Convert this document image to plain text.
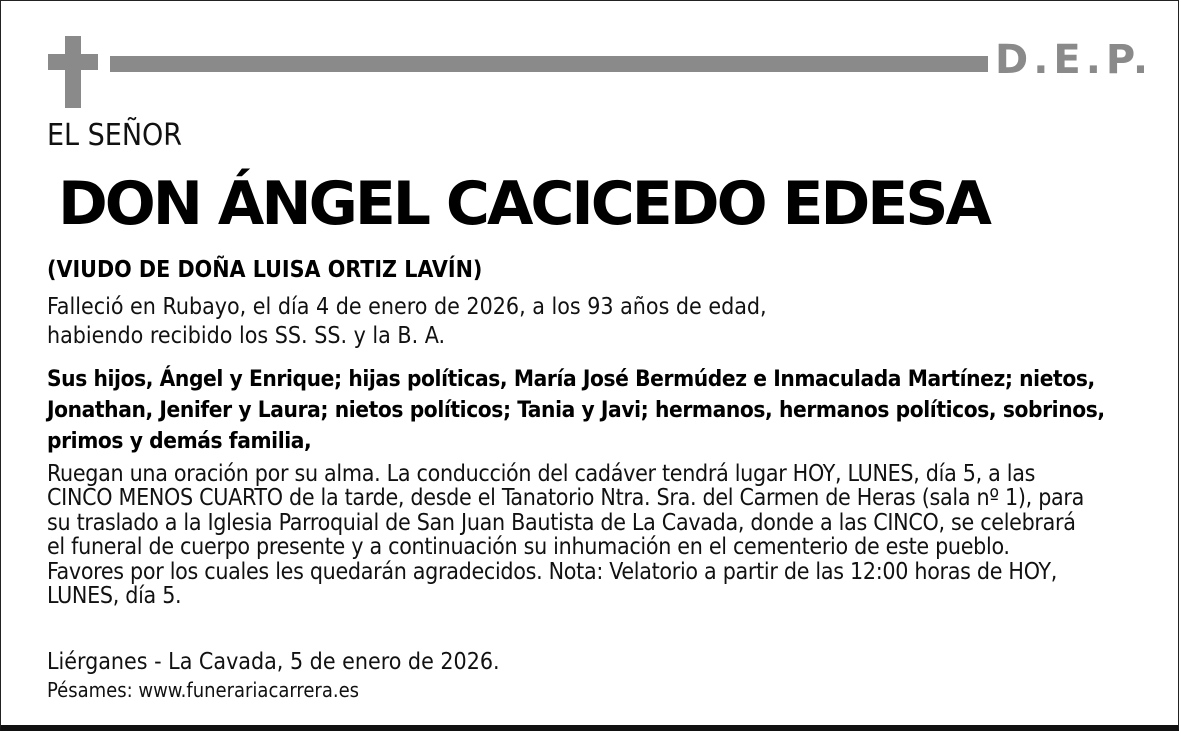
D.E.P.
EL SEÑOR
DON ÁNGEL CACICEDO EDESA
(VIUDO DE DOÑA LUISA ORTIZ LAVÍN)
Falleció en Rubayo, el día 4 de enero de 2026, a los 93 años de edad,
habiendo recibido los SS. SS. y la B. A.
Sus hijos, Ángel y Enrique; hijas políticas, María José Bermúdez e Inmaculada Martínez; nietos,
Jonathan, Jenifer y Laura; nietos políticos; Tania y Javi; hermanos, hermanos políticos, sobrinos,
primos y demás familia,
Ruegan una oración por su alma. La conducción del cadáver tendrá lugar HOY, LUNES, día 5, a las
CINCO MENOS CUARTO de la tarde, desde el Tanatorio Ntra. Sra. del Carmen de Heras (sala nº 1), para
su traslado a la Iglesia Parroquial de San Juan Bautista de La Cavada, donde a las CINCO, se celebrará
el funeral de cuerpo presente y a continuación su inhumación en el cementerio de este pueblo.
Favores por los cuales les quedarán agradecidos. Nota: Velatorio a partir de las 12:00 horas de HOY,
LUNES, día 5.
Liérganes - La Cavada, 5 de enero de 2026.
Pésames: www.funerariacarrera.es
